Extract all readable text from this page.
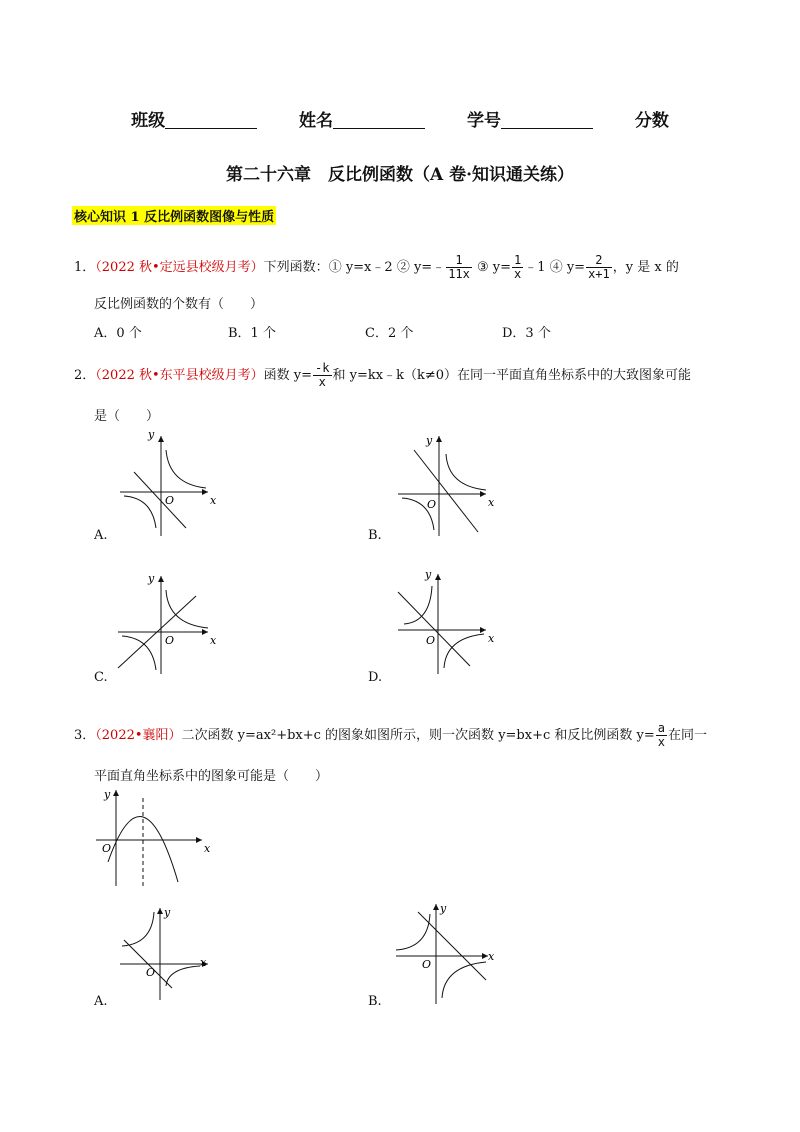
班级	姓名	学号	分数
第二十六章　反比例函数（A 卷·知识通关练）
核心知识 1 反比例函数图像与性质
1．（2022 秋•定远县校级月考）下列函数：① y=x﹣2 ② y=﹣ $\frac{1}{11x}$ ③ $y= \frac{1}{x}$ ﹣1 ④ $y= \frac{2}{x+1}$ ，y 是 x 的
反比例函数的个数有（　　）
A．0 个	B．1 个	C．2 个	D．3 个
2．（2022 秋•东平县校级月考）函数 $y= \frac{-k}{x}$ 和 y=kx﹣k（k≠0）在同一平面直角坐标系中的大致图象可能
是（　　）
y
x
O
A.
y
x
O
B.
y
x
O
C.
y
x
O
D.
3．（2022•襄阳）二次函数 y=ax²+bx+c 的图象如图所示，则一次函数 y=bx+c 和反比例函数 $y= \frac{a}{x}$ 在同一
平面直角坐标系中的图象可能是（　　）
y
x
O
y
x
O
A.
y
x
O
B.
